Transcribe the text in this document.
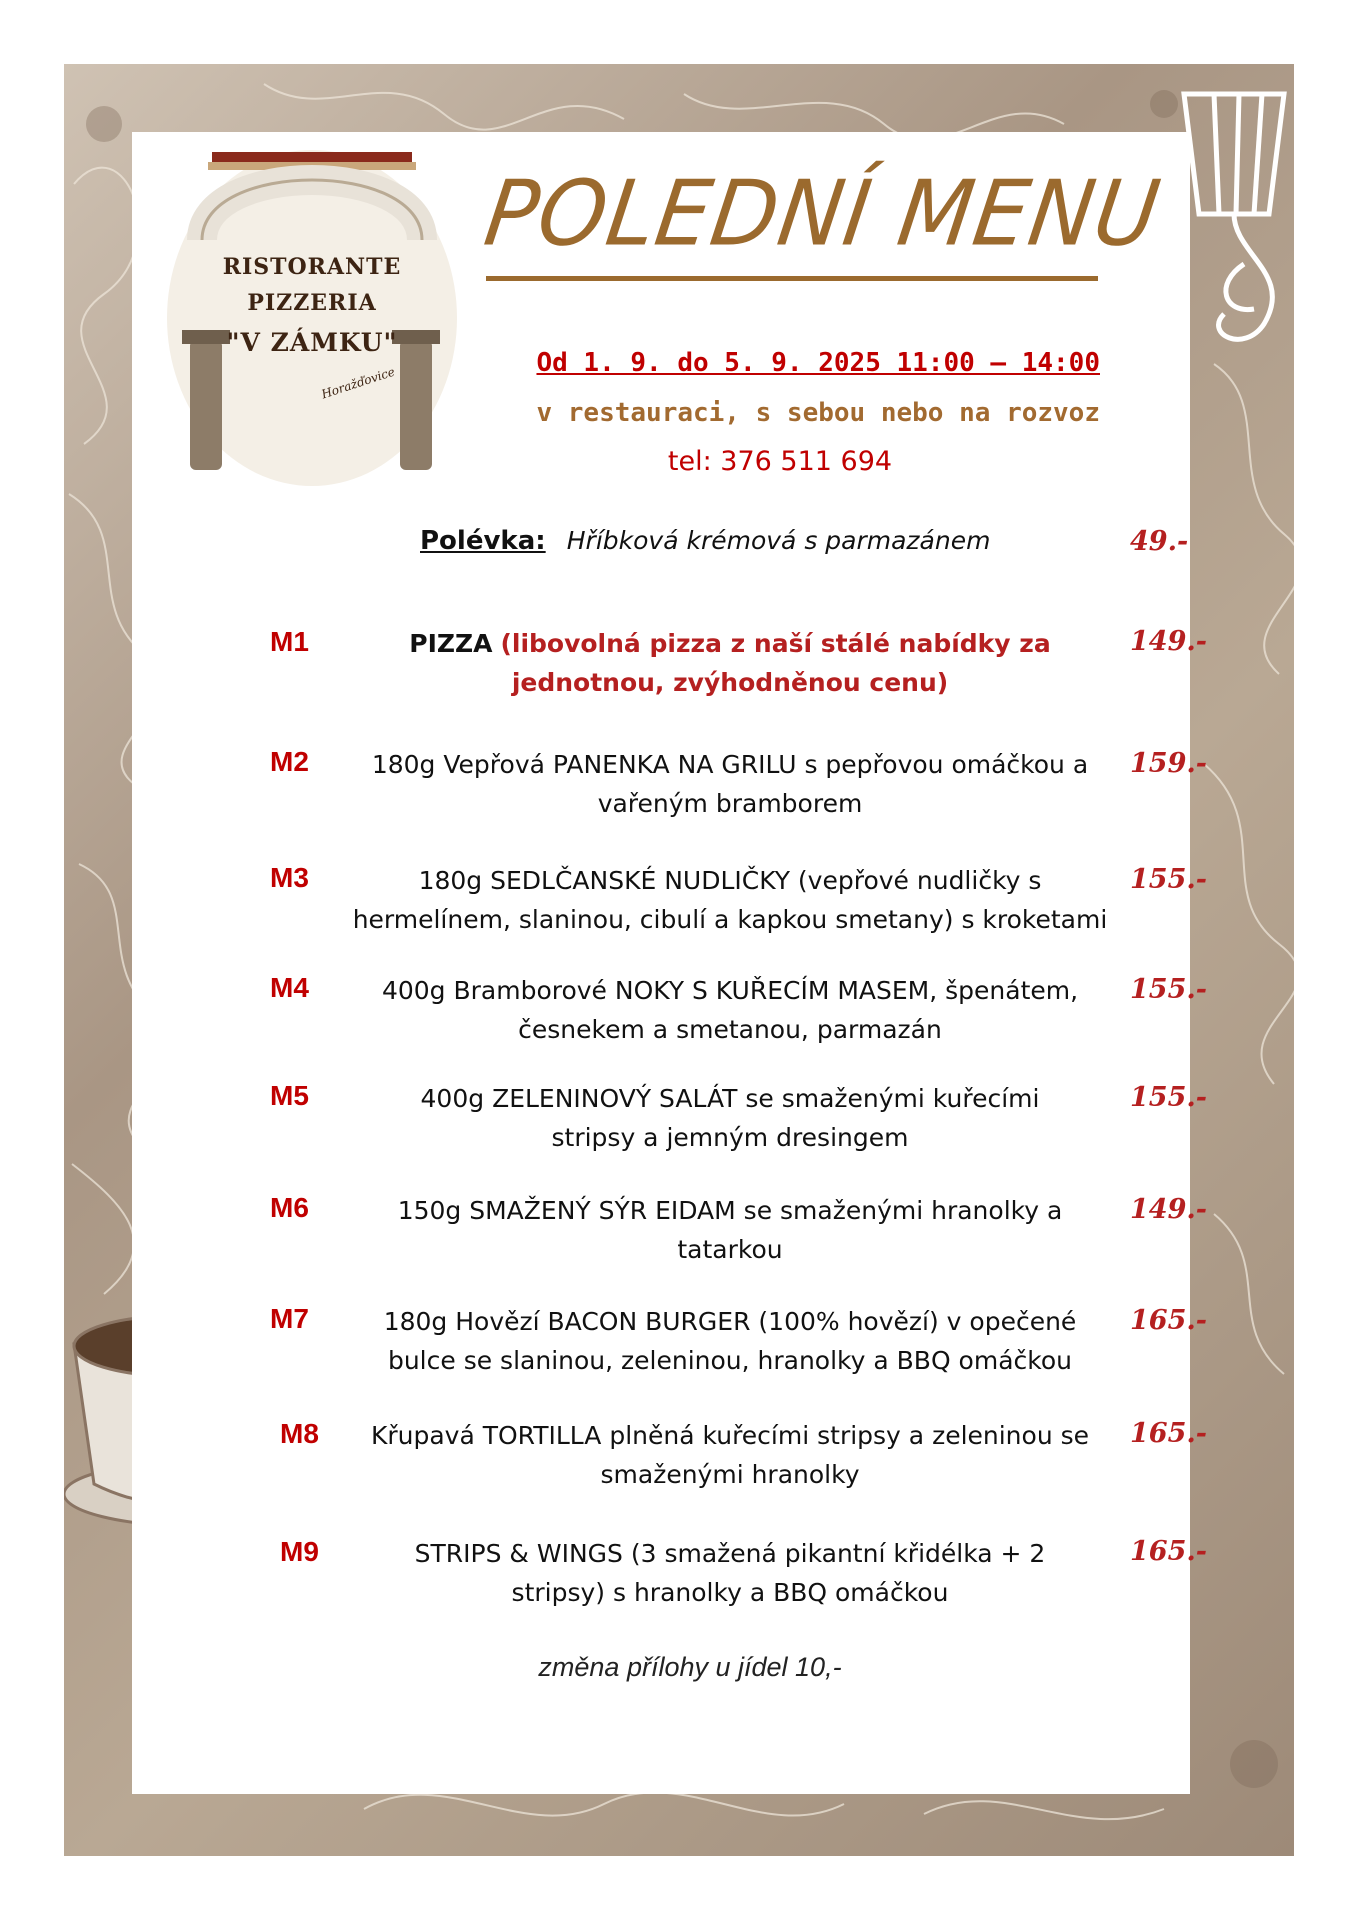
RISTORANTE
PIZZERIA
"V ZÁMKU"
Horažďovice
POLEDNÍ MENU
Od 1. 9. do 5. 9. 2025 11:00 – 14:00
v restauraci, s sebou nebo na rozvoz
tel: 376 511 694
Polévka: Hříbková krémová s parmazánem	49.-
M1	PIZZA (libovolná pizza z naší stálé nabídky za
jednotnou, zvýhodněnou cenu)
149.-
M2	180g Vepřová PANENKA NA GRILU s pepřovou omáčkou a
vařeným bramborem
159.-
M3	180g SEDLČANSKÉ NUDLIČKY (vepřové nudličky s
hermelínem, slaninou, cibulí a kapkou smetany) s kroketami
155.-
M4	400g Bramborové NOKY S KUŘECÍM MASEM, špenátem,
česnekem a smetanou, parmazán
155.-
M5	400g ZELENINOVÝ SALÁT se smaženými kuřecími
stripsy a jemným dresingem
155.-
M6	150g SMAŽENÝ SÝR EIDAM se smaženými hranolky a
tatarkou
149.-
M7	180g Hovězí BACON BURGER (100% hovězí) v opečené
bulce se slaninou, zeleninou, hranolky a BBQ omáčkou
165.-
M8	Křupavá TORTILLA plněná kuřecími stripsy a zeleninou se
smaženými hranolky
165.-
M9	STRIPS & WINGS (3 smažená pikantní křidélka + 2
stripsy) s hranolky a BBQ omáčkou
165.-
změna přílohy u jídel 10,-
